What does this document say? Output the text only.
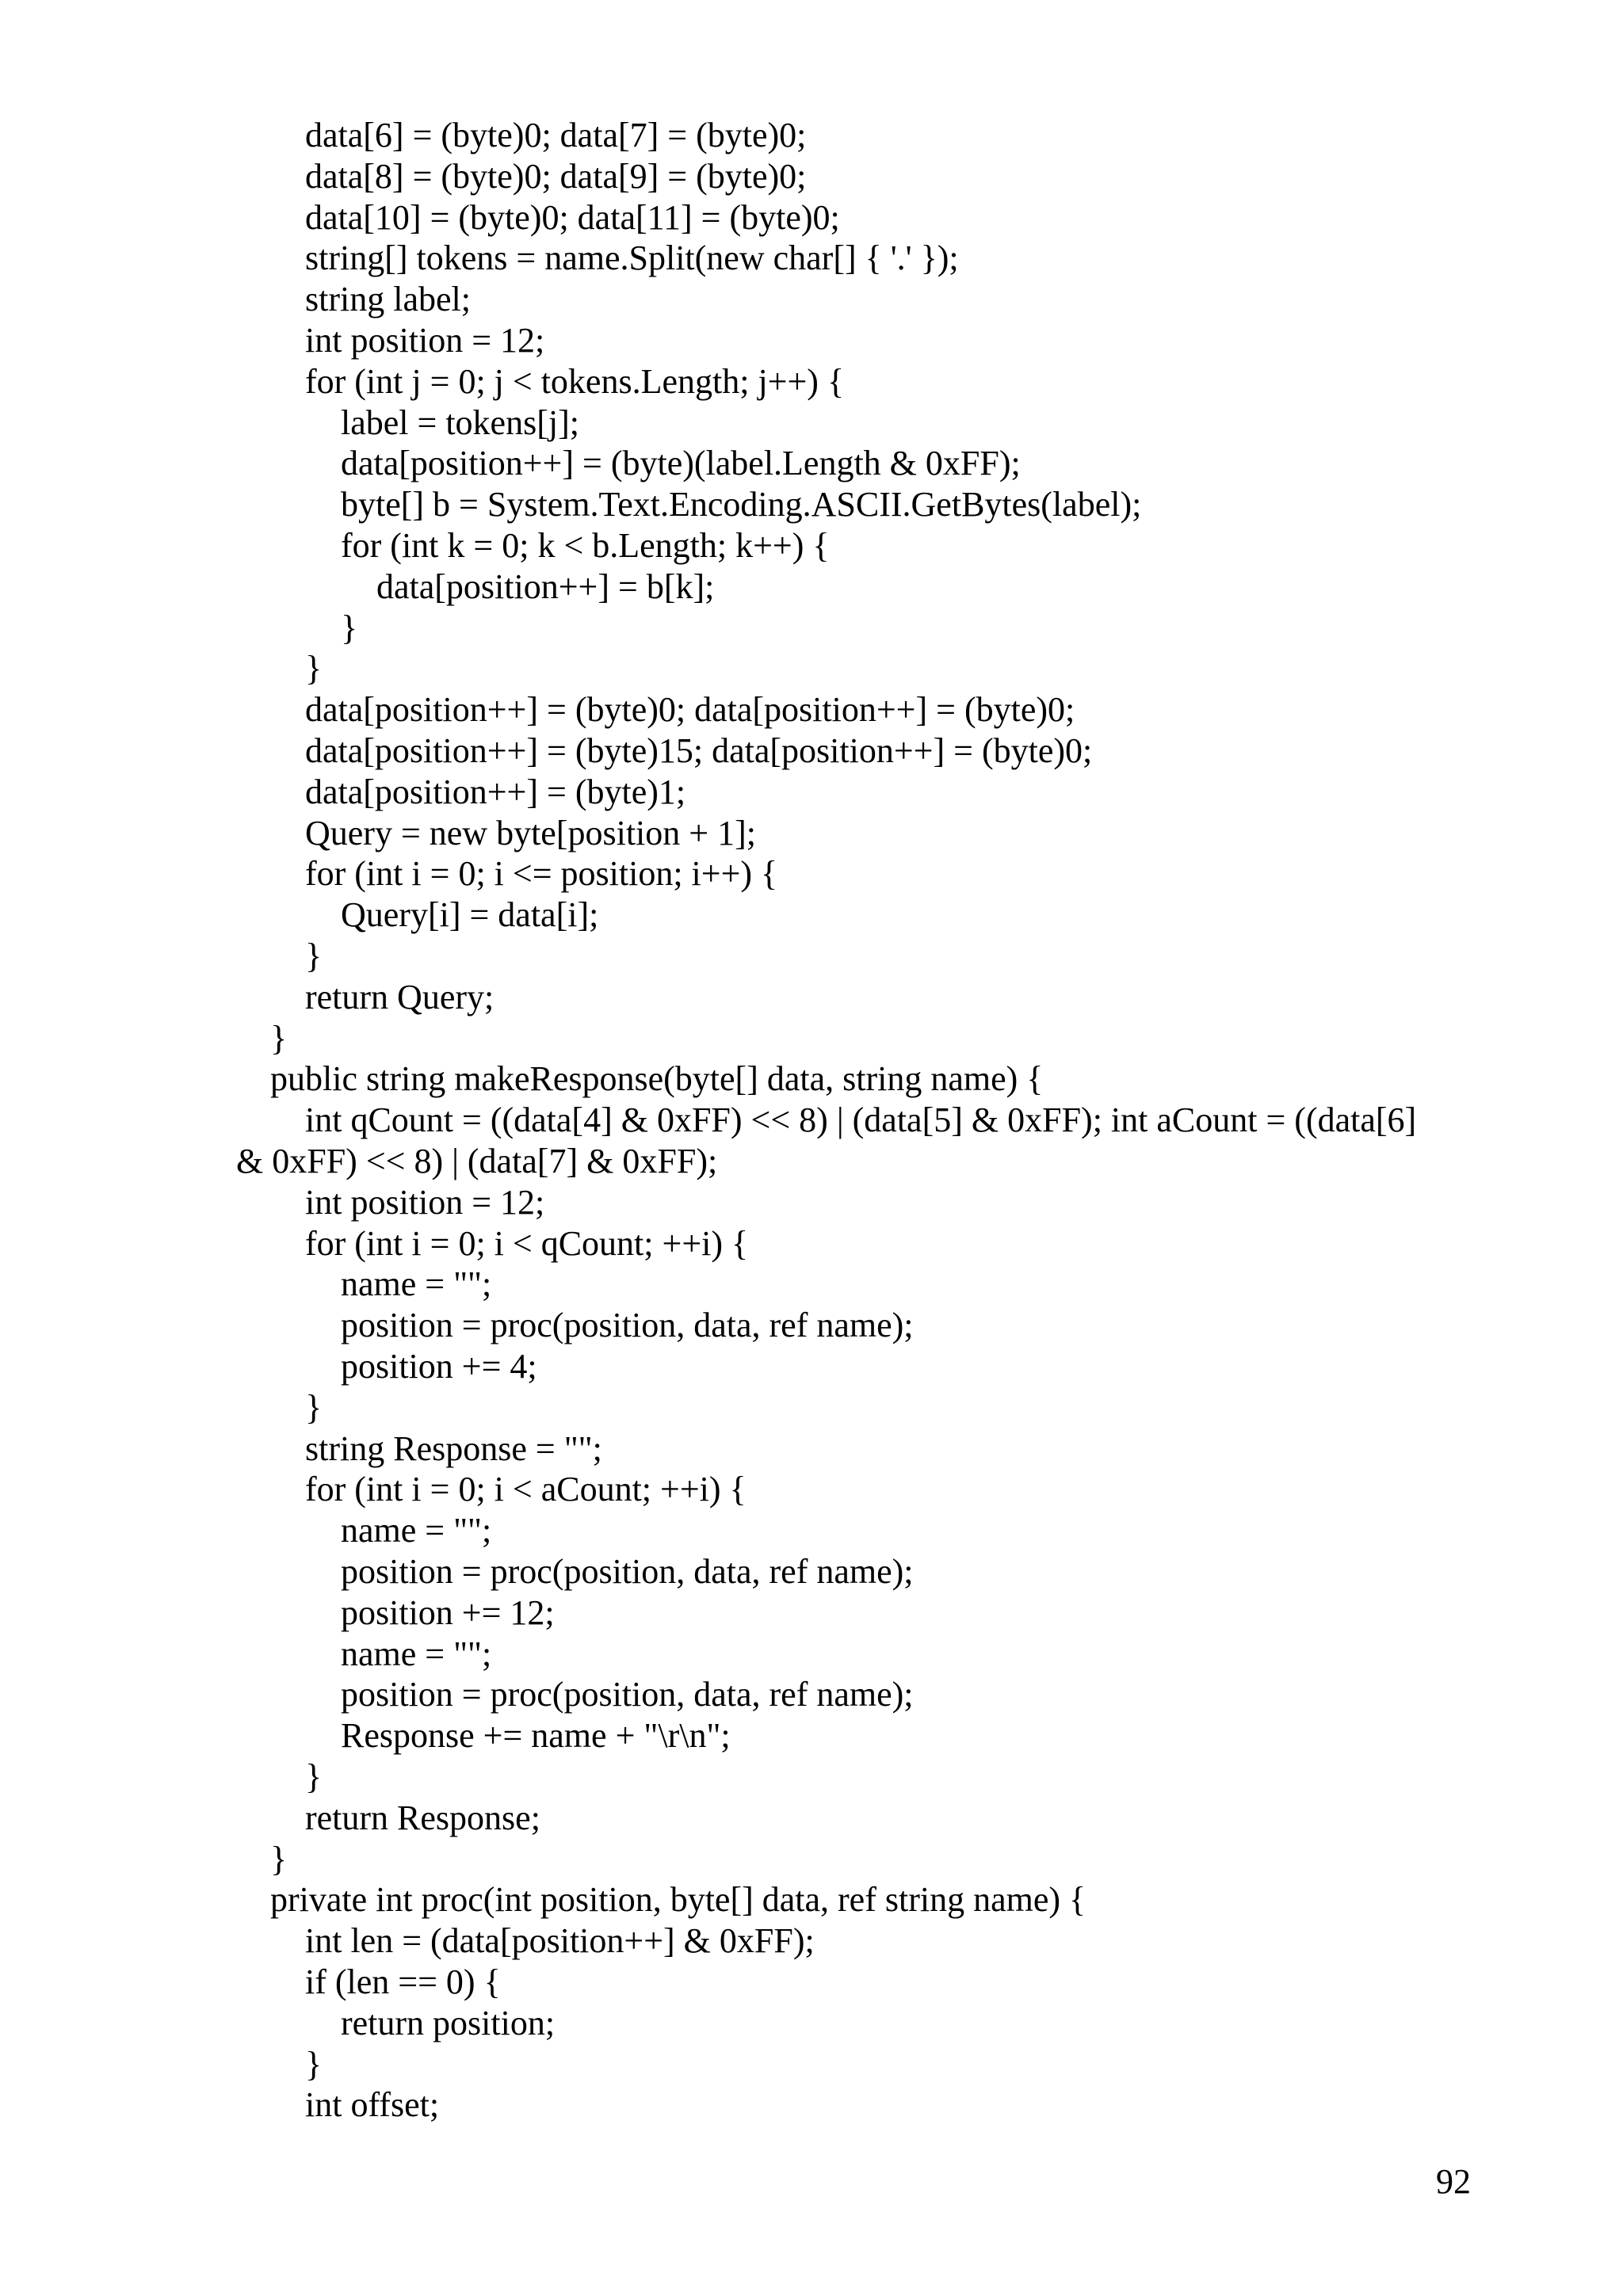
data[6] = (byte)0; data[7] = (byte)0;
data[8] = (byte)0; data[9] = (byte)0;
data[10] = (byte)0; data[11] = (byte)0;
string[] tokens = name.Split(new char[] { '.' });
string label;
int position = 12;
for (int j = 0; j < tokens.Length; j++) {
label = tokens[j];
data[position++] = (byte)(label.Length & 0xFF);
byte[] b = System.Text.Encoding.ASCII.GetBytes(label);
for (int k = 0; k < b.Length; k++) {
data[position++] = b[k];
}
}
data[position++] = (byte)0; data[position++] = (byte)0;
data[position++] = (byte)15; data[position++] = (byte)0;
data[position++] = (byte)1;
Query = new byte[position + 1];
for (int i = 0; i <= position; i++) {
Query[i] = data[i];
}
return Query;
}
public string makeResponse(byte[] data, string name) {
int qCount = ((data[4] & 0xFF) << 8) | (data[5] & 0xFF); int aCount = ((data[6]
& 0xFF) << 8) | (data[7] & 0xFF);
int position = 12;
for (int i = 0; i < qCount; ++i) {
name = "";
position = proc(position, data, ref name);
position += 4;
}
string Response = "";
for (int i = 0; i < aCount; ++i) {
name = "";
position = proc(position, data, ref name);
position += 12;
name = "";
position = proc(position, data, ref name);
Response += name + "\r\n";
}
return Response;
}
private int proc(int position, byte[] data, ref string name) {
int len = (data[position++] & 0xFF);
if (len == 0) {
return position;
}
int offset;
92
